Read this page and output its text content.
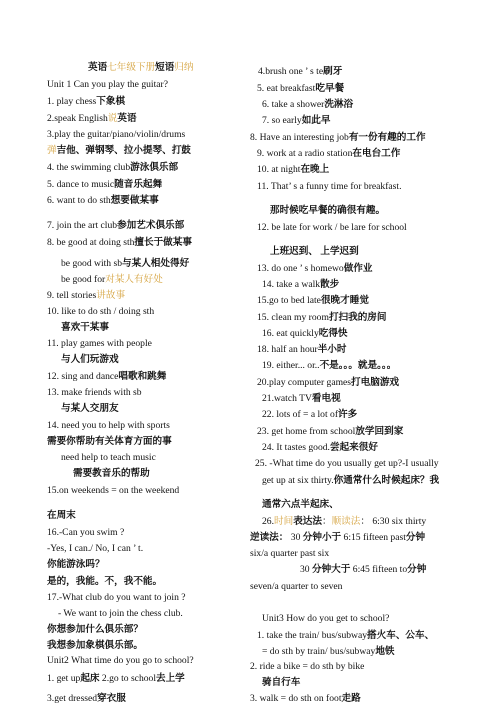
英语七年级下册短语归纳
Unit 1 Can you play the guitar?
1. play chess下象棋
2.speak English说英语
3.play the guitar/piano/violin/drums
弹吉他、弹钢琴、拉小提琴、打鼓
4. the swimming club游泳俱乐部
5. dance to music随音乐起舞
6. want to do sth想要做某事
7. join the art club参加艺术俱乐部
8. be good at doing sth擅长于做某事
be good with sb与某人相处得好
be good for对某人有好处
9. tell stories讲故事
10. like to do sth / doing sth
喜欢干某事
11. play games with people
与人们玩游戏
12. sing and dance唱歌和跳舞
13. make friends with sb
与某人交朋友
14. need you to help with sports
需要你帮助有关体育方面的事
need help to teach music
需要教音乐的帮助
15.on weekends = on the weekend
在周末
16.-Can you swim ?
-Yes, I can./ No, I can ’ t.
你能游泳吗？
是的，我能。不，我不能。
17.-What club do you want to join ?
- We want to join the chess club.
你想参加什么俱乐部？
我想参加象棋俱乐部。
Unit2 What time do you go to school?
1. get up起床 2.go to school去上学
3.get dressed穿衣服
4.brush one ’ s te刷牙
5. eat breakfast吃早餐
6. take a shower洗淋浴
7. so early如此早
8. Have an interesting job有一份有趣的工作
9. work at a radio station在电台工作
10. at night在晚上
11. That’ s a funny time for breakfast.
那时候吃早餐的确很有趣。
12. be late for work / be lare for school
上班迟到、 上学迟到
13. do one ’ s homewo做作业
14. take a walk散步
15.go to bed late很晚才睡觉
15. clean my room打扫我的房间
16. eat quickly吃得快
18. half an hour半小时
19. either... or..不是。。。就是。。。
20.play computer games打电脑游戏
21.watch TV看电视
22. lots of = a lot of许多
23. get home from school放学回到家
24. It tastes good.尝起来很好
25. -What time do you usually get up?-I usually
get up at six thirty.你通常什么时候起床？我
通常六点半起床、
26.时间表达法：顺读法： 6:30 six thirty
逆读法： 30 分钟小于 6:15 fifteen past分钟
six/a quarter past six
30 分钟大于 6:45 fifteen to分钟
seven/a quarter to seven
Unit3 How do you get to school?
1. take the train/ bus/subway搭火车、公车、
= do sth by train/ bus/subway地铁
2. ride a bike = do sth by bike
骑自行车
3. walk = do sth on foot走路
